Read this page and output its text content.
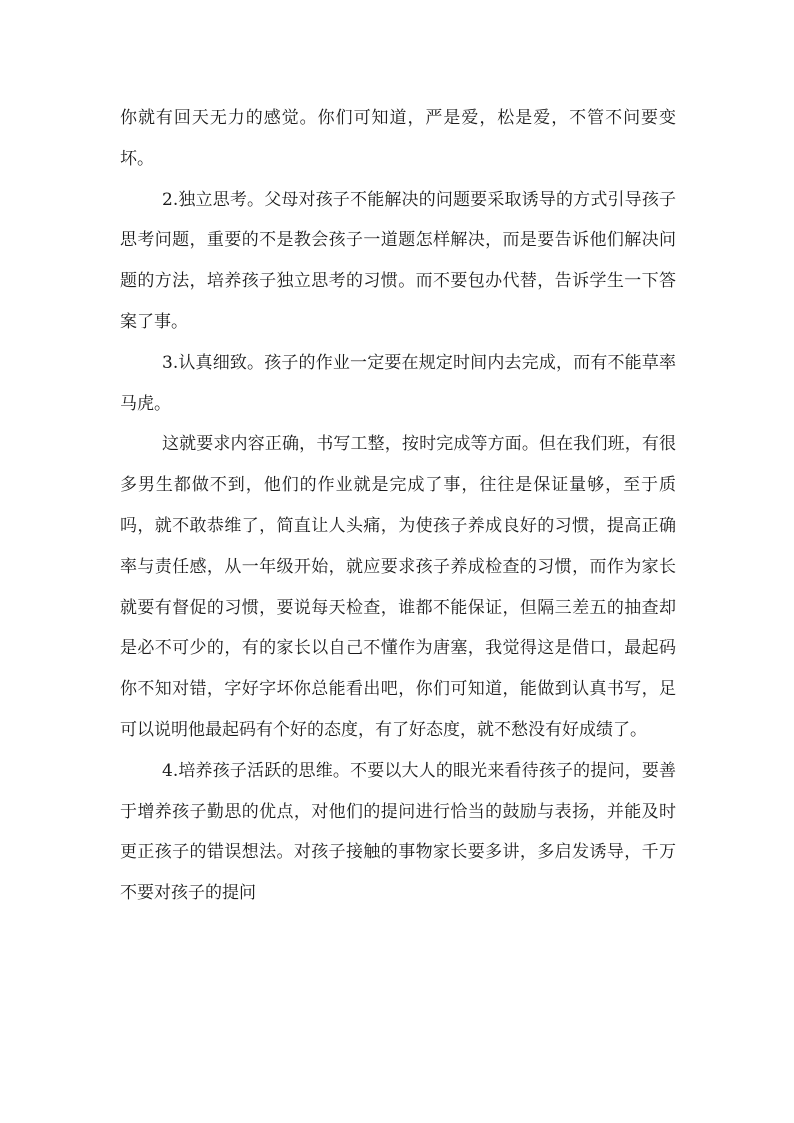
你就有回天无力的感觉。你们可知道，严是爱，松是爱，不管不问要变坏。

2.独立思考。父母对孩子不能解决的问题要采取诱导的方式引导孩子思考问题，重要的不是教会孩子一道题怎样解决，而是要告诉他们解决问题的方法，培养孩子独立思考的习惯。而不要包办代替，告诉学生一下答案了事。

3.认真细致。孩子的作业一定要在规定时间内去完成，而有不能草率马虎。

这就要求内容正确，书写工整，按时完成等方面。但在我们班，有很多男生都做不到，他们的作业就是完成了事，往往是保证量够，至于质吗，就不敢恭维了，简直让人头痛，为使孩子养成良好的习惯，提高正确率与责任感，从一年级开始，就应要求孩子养成检查的习惯，而作为家长就要有督促的习惯，要说每天检查，谁都不能保证，但隔三差五的抽查却是必不可少的，有的家长以自己不懂作为唐塞，我觉得这是借口，最起码你不知对错，字好字坏你总能看出吧，你们可知道，能做到认真书写，足可以说明他最起码有个好的态度，有了好态度，就不愁没有好成绩了。

4.培养孩子活跃的思维。不要以大人的眼光来看待孩子的提问，要善于增养孩子勤思的优点，对他们的提问进行恰当的鼓励与表扬，并能及时更正孩子的错误想法。对孩子接触的事物家长要多讲，多启发诱导，千万不要对孩子的提问
